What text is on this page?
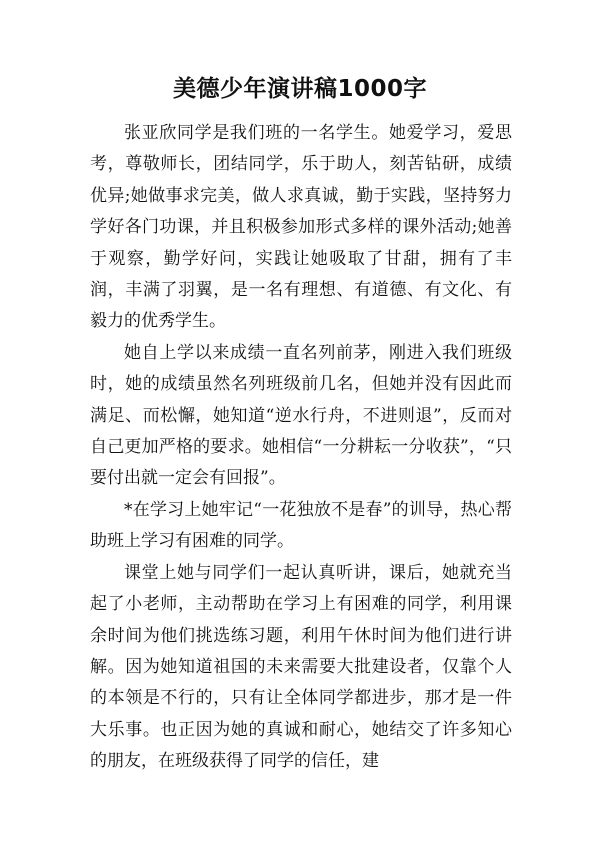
美德少年演讲稿1000字

张亚欣同学是我们班的一名学生。她爱学习，爱思考，尊敬师长，团结同学，乐于助人，刻苦钻研，成绩优异;她做事求完美，做人求真诚，勤于实践，坚持努力学好各门功课，并且积极参加形式多样的课外活动;她善于观察，勤学好问，实践让她吸取了甘甜，拥有了丰润，丰满了羽翼，是一名有理想、有道德、有文化、有毅力的优秀学生。

她自上学以来成绩一直名列前茅，刚进入我们班级时，她的成绩虽然名列班级前几名，但她并没有因此而满足、而松懈，她知道“逆水行舟，不进则退”，反而对自己更加严格的要求。她相信“一分耕耘一分收获”，“只要付出就一定会有回报”。

*在学习上她牢记“一花独放不是春”的训导，热心帮助班上学习有困难的同学。

课堂上她与同学们一起认真听讲，课后，她就充当起了小老师，主动帮助在学习上有困难的同学，利用课余时间为他们挑选练习题，利用午休时间为他们进行讲解。因为她知道祖国的未来需要大批建设者，仅靠个人的本领是不行的，只有让全体同学都进步，那才是一件大乐事。也正因为她的真诚和耐心，她结交了许多知心的朋友，在班级获得了同学的信任，建
